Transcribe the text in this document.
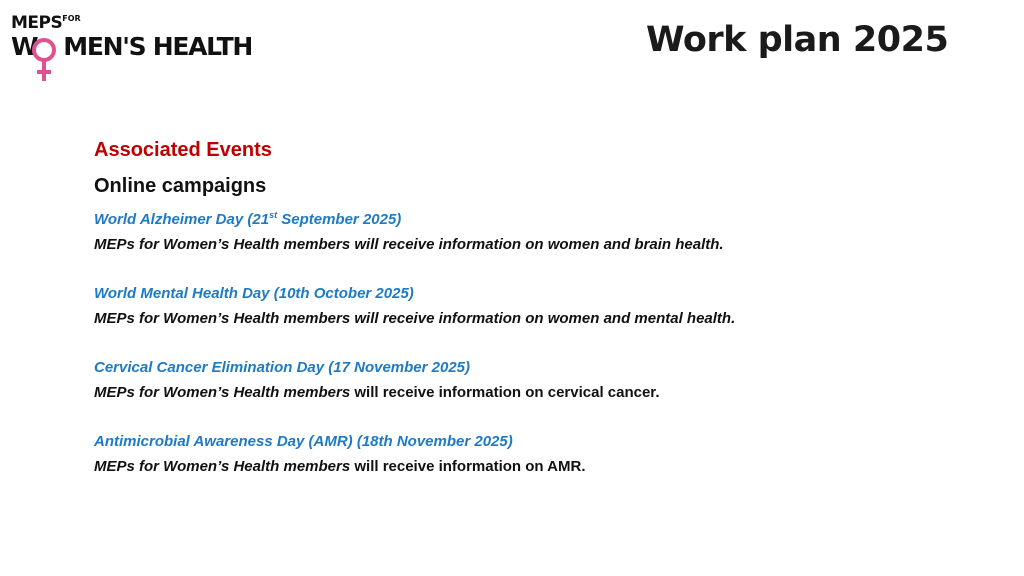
MEPSFOR
W MEN'S HEALTH	Work plan 2025
Associated Events
Online campaigns
World Alzheimer Day (21st September 2025)
MEPs for Women’s Health members will receive information on women and brain health.
World Mental Health Day (10th October 2025)
MEPs for Women’s Health members will receive information on women and mental health.
Cervical Cancer Elimination Day (17 November 2025)
MEPs for Women’s Health members will receive information on cervical cancer.
Antimicrobial Awareness Day (AMR) (18th November 2025)
MEPs for Women’s Health members will receive information on AMR.
